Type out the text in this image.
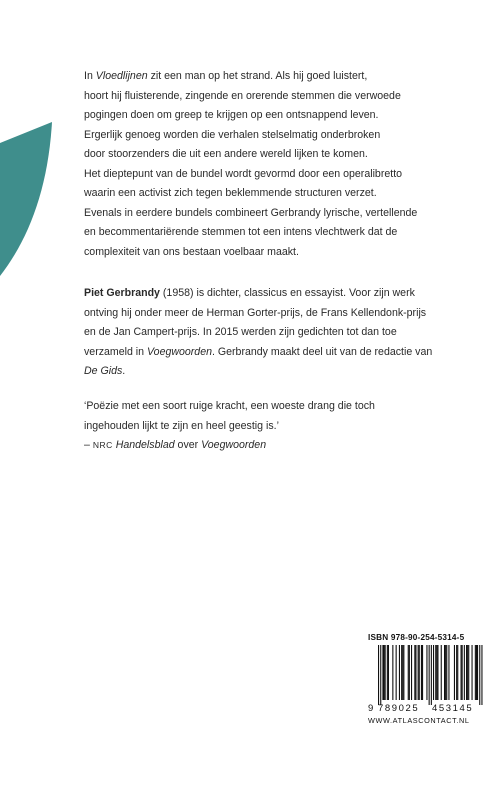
In Vloedlijnen zit een man op het strand. Als hij goed luistert,
hoort hij fluisterende, zingende en orerende stemmen die verwoede
pogingen doen om greep te krijgen op een ontsnappend leven.
Ergerlijk genoeg worden die verhalen stelselmatig onderbroken
door stoorzenders die uit een andere wereld lijken te komen.
Het dieptepunt van de bundel wordt gevormd door een operalibretto
waarin een activist zich tegen beklemmende structuren verzet.
Evenals in eerdere bundels combineert Gerbrandy lyrische, vertellende
en becommentariërende stemmen tot een intens vlechtwerk dat de
complexiteit van ons bestaan voelbaar maakt.
Piet Gerbrandy (1958) is dichter, classicus en essayist. Voor zijn werk
ontving hij onder meer de Herman Gorter-prijs, de Frans Kellendonk-prijs
en de Jan Campert-prijs. In 2015 werden zijn gedichten tot dan toe
verzameld in Voegwoorden. Gerbrandy maakt deel uit van de redactie van
De Gids.
‘Poëzie met een soort ruige kracht, een woeste drang die toch
ingehouden lijkt te zijn en heel geestig is.’
– NRC Handelsblad over Voegwoorden
ISBN 978-90-254-5314-5
9 789025	453145
WWW.ATLASCONTACT.NL
